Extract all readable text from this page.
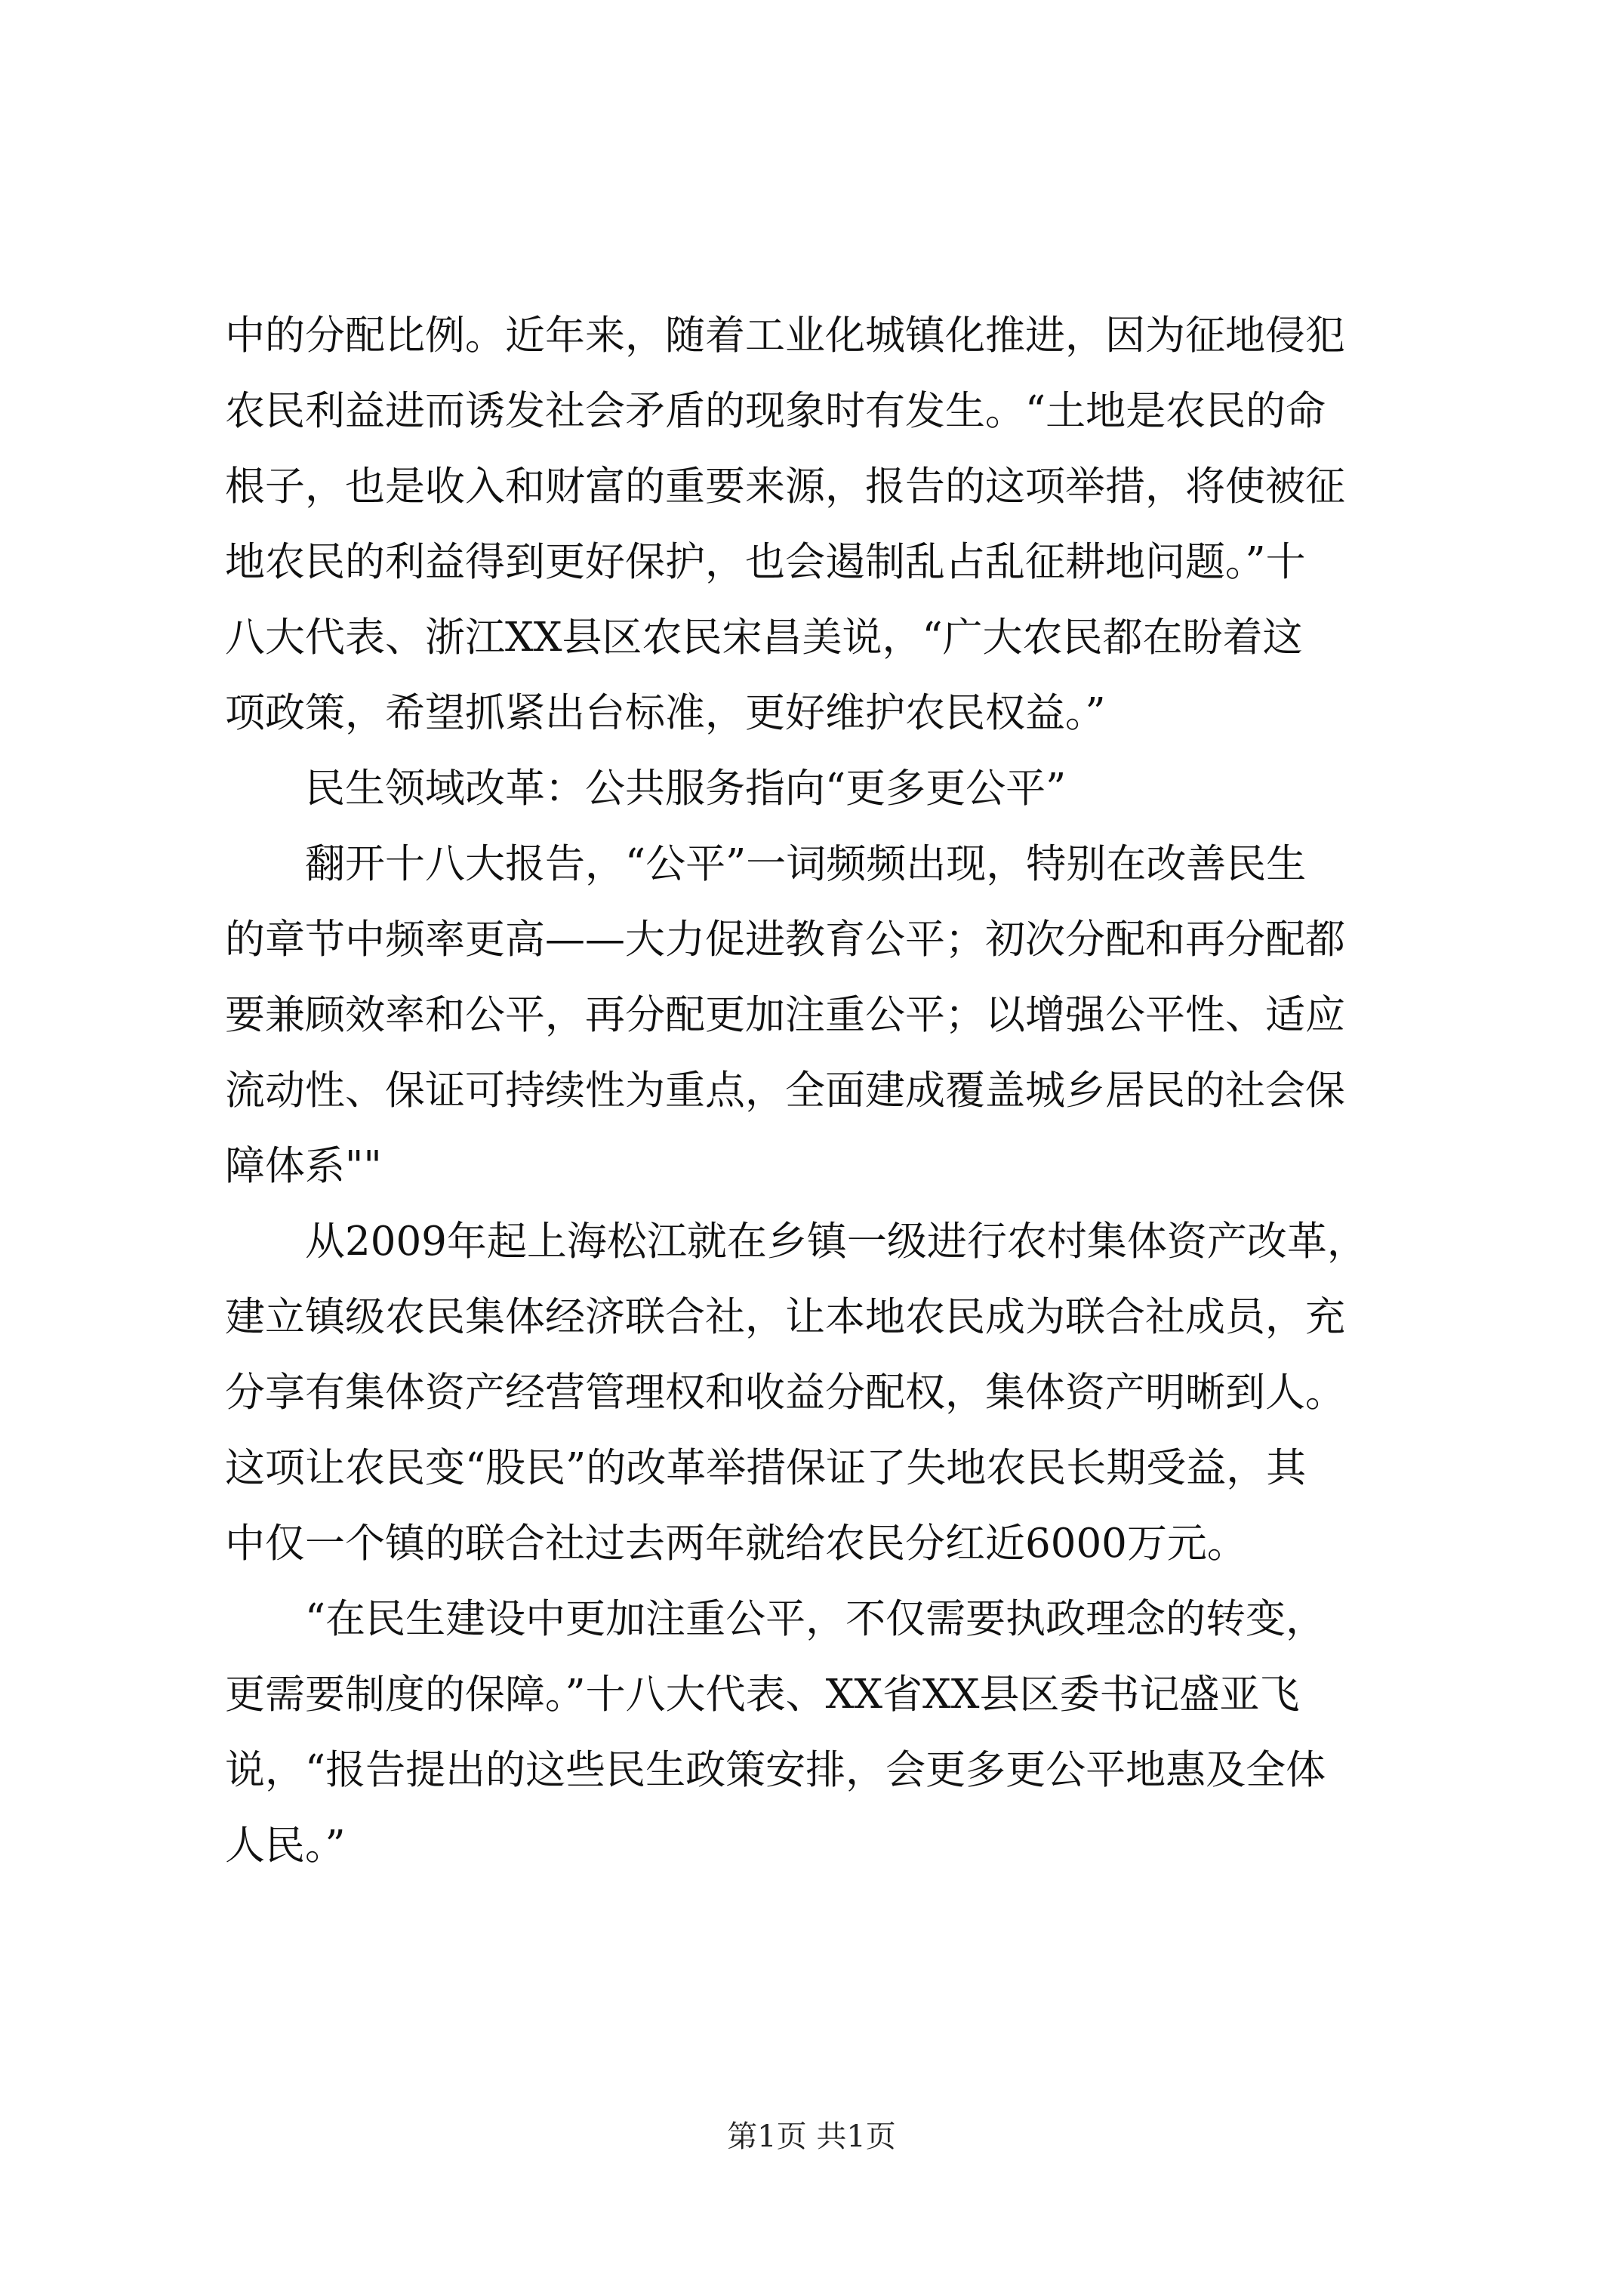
中的分配比例。近年来，随着工业化城镇化推进，因为征地侵犯
农民利益进而诱发社会矛盾的现象时有发生。“土地是农民的命
根子，也是收入和财富的重要来源，报告的这项举措，将使被征
地农民的利益得到更好保护，也会遏制乱占乱征耕地问题。”十
八大代表、浙江XX县区农民宋昌美说，“广大农民都在盼着这
项政策，希望抓紧出台标准，更好维护农民权益。”
民生领域改革：公共服务指向“更多更公平”
翻开十八大报告，“公平”一词频频出现，特别在改善民生
的章节中频率更高——大力促进教育公平；初次分配和再分配都
要兼顾效率和公平，再分配更加注重公平；以增强公平性、适应
流动性、保证可持续性为重点，全面建成覆盖城乡居民的社会保
障体系""
从2009年起上海松江就在乡镇一级进行农村集体资产改革，
建立镇级农民集体经济联合社，让本地农民成为联合社成员，充
分享有集体资产经营管理权和收益分配权，集体资产明晰到人。
这项让农民变“股民”的改革举措保证了失地农民长期受益，其
中仅一个镇的联合社过去两年就给农民分红近6000万元。
“在民生建设中更加注重公平，不仅需要执政理念的转变，
更需要制度的保障。”十八大代表、XX省XX县区委书记盛亚飞
说，“报告提出的这些民生政策安排，会更多更公平地惠及全体
人民。”
第1页 共1页
